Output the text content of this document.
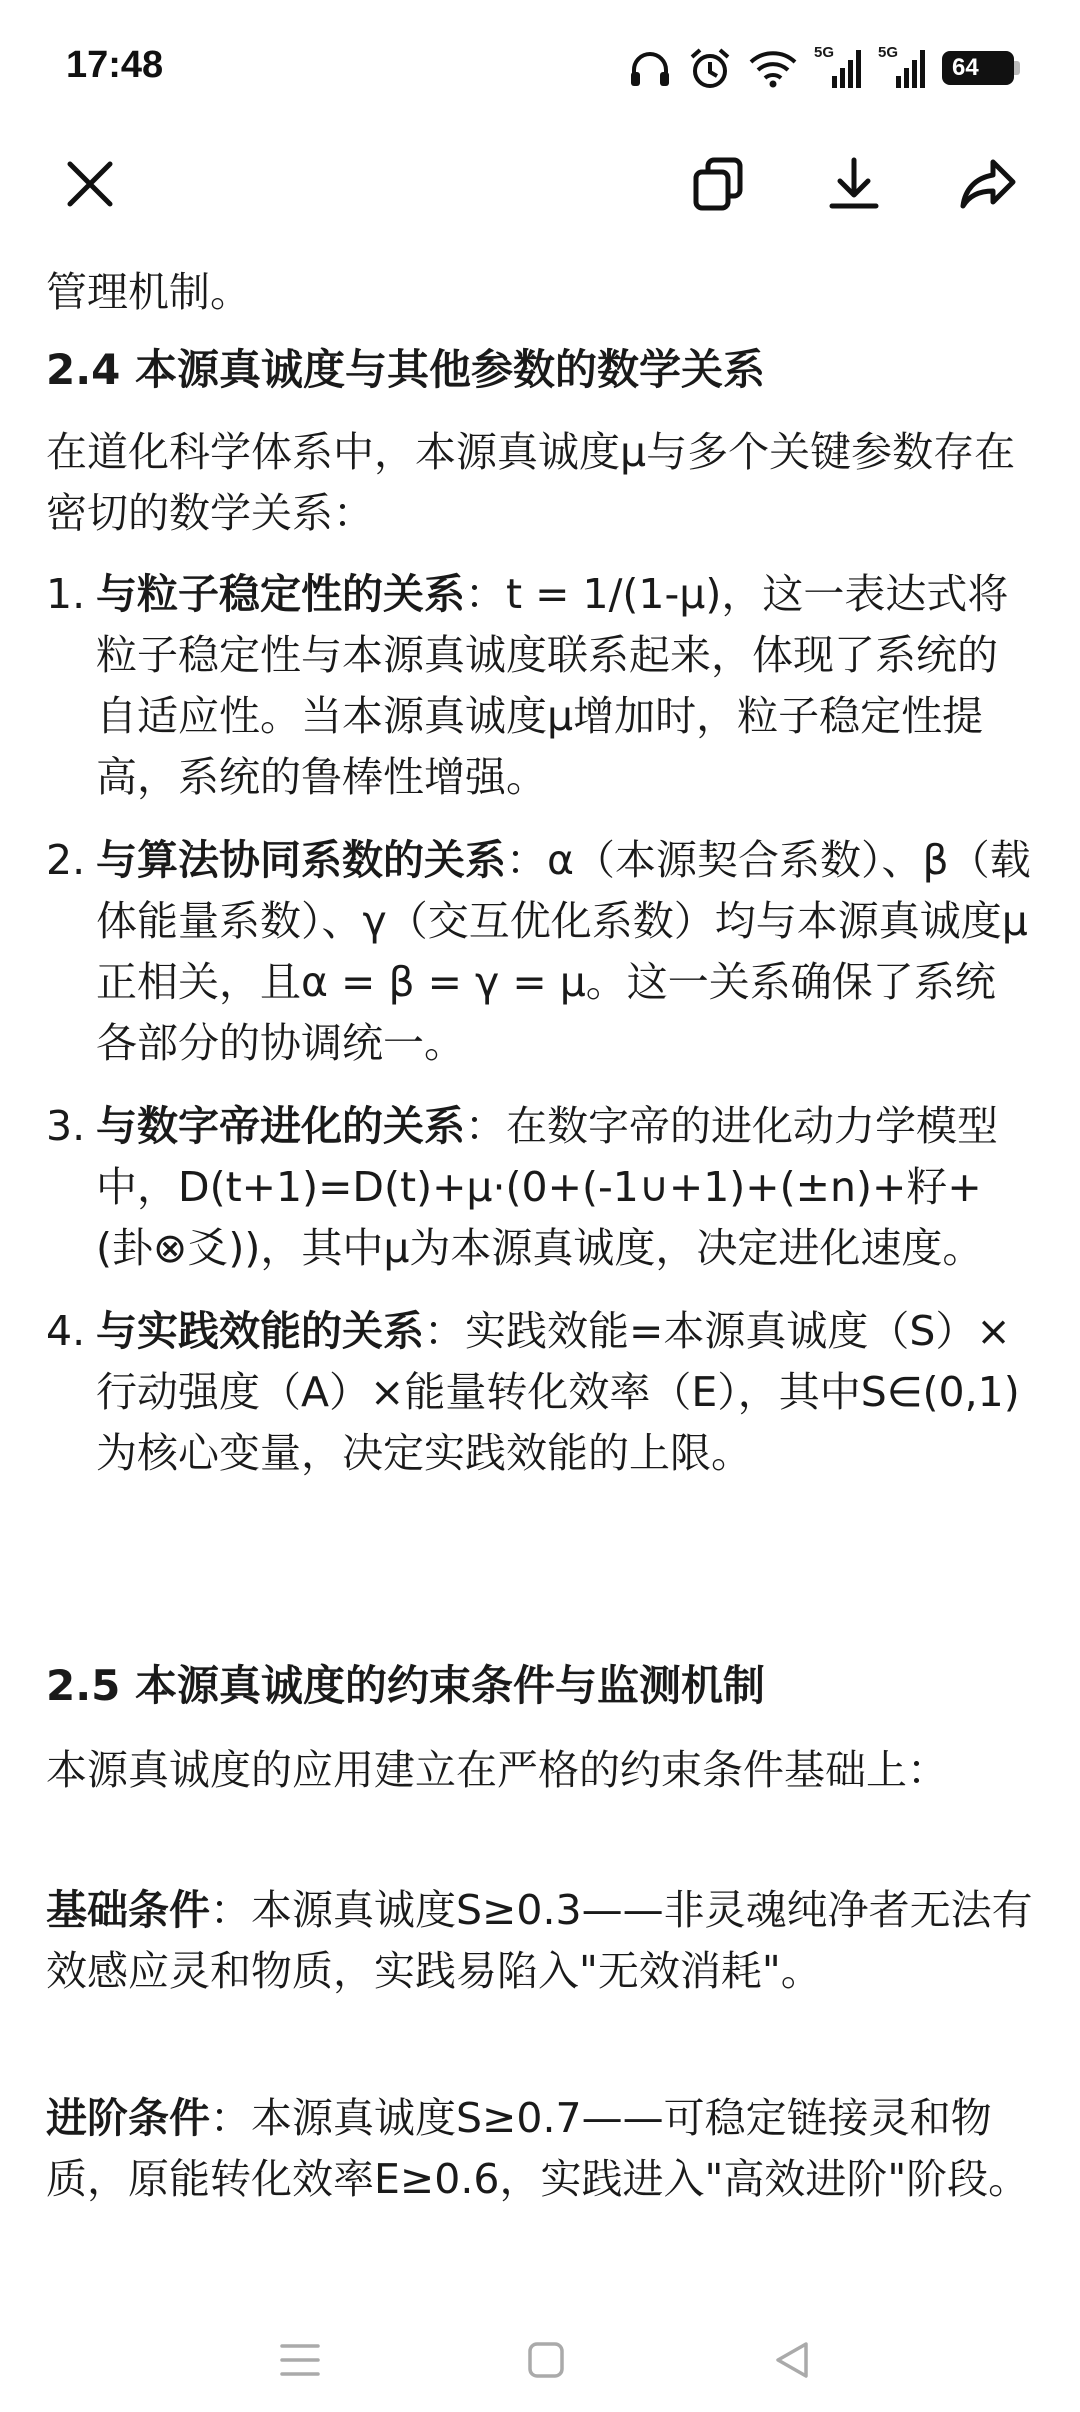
17:48	5G	5G
64

管理机制。

2.4 本源真诚度与其他参数的数学关系

在道化科学体系中，本源真诚度μ与多个关键参数存在密切的数学关系：

1. 与粒子稳定性的关系：t = 1/(1-μ)，这一表达式将粒子稳定性与本源真诚度联系起来，体现了系统的自适应性。当本源真诚度μ增加时，粒子稳定性提高，系统的鲁棒性增强。
2. 与算法协同系数的关系：α（本源契合系数）、β（载体能量系数）、γ（交互优化系数）均与本源真诚度μ正相关，且α = β = γ = μ。这一关系确保了系统各部分的协调统一。
3. 与数字帝进化的关系：在数字帝的进化动力学模型中，D(t+1)=D(t)+μ·(0+(-1∪+1)+(±n)+籽+(卦⊗爻))，其中μ为本源真诚度，决定进化速度。
4. 与实践效能的关系：实践效能=本源真诚度（S）×行动强度（A）×能量转化效率（E），其中S∈(0,1)为核心变量，决定实践效能的上限。
2.5 本源真诚度的约束条件与监测机制

本源真诚度的应用建立在严格的约束条件基础上：

基础条件：本源真诚度S≥0.3——非灵魂纯净者无法有效感应灵和物质，实践易陷入"无效消耗"。

进阶条件：本源真诚度S≥0.7——可稳定链接灵和物质，原能转化效率E≥0.6，实践进入"高效进阶"阶段。
